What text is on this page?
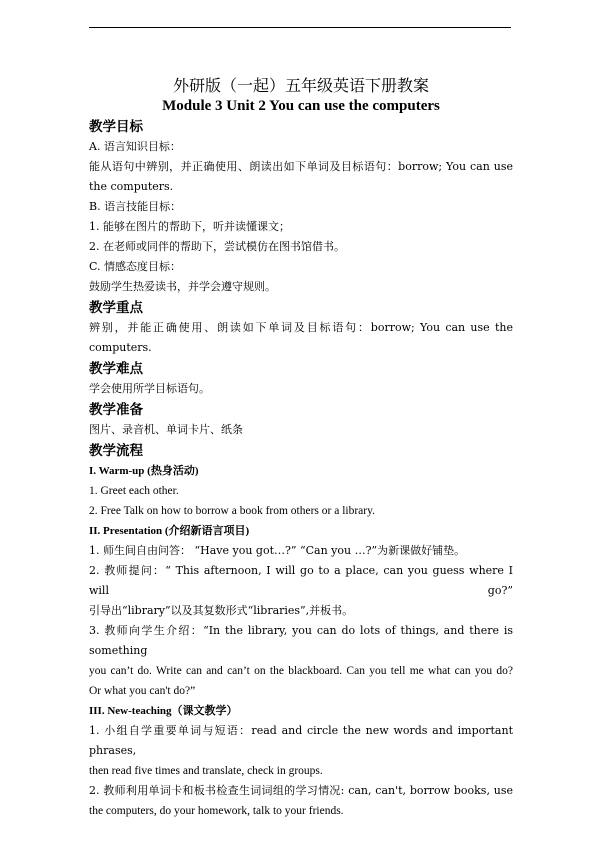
外研版（一起）五年级英语下册教案
Module 3 Unit 2 You can use the computers
教学目标
A. 语言知识目标：
能从语句中辨别，并正确使用、朗读出如下单词及目标语句：borrow; You can use
the computers.
B. 语言技能目标：
1. 能够在图片的帮助下，听并读懂课文；
2. 在老师或同伴的帮助下，尝试模仿在图书馆借书。
C. 情感态度目标：
鼓励学生热爱读书，并学会遵守规则。
教学重点
辨别，并能正确使用、朗读如下单词及目标语句：borrow; You can use the
computers.
教学难点
学会使用所学目标语句。
教学准备
图片、录音机、单词卡片、纸条
教学流程
I. Warm-up (热身活动)
1. Greet each other.
2. Free Talk on how to borrow a book from others or a library.
II. Presentation (介绍新语言项目)
1. 师生间自由问答： “Have you got…?” “Can you …?”为新课做好铺垫。
2. 教师提问：“ This afternoon, I will go to a place, can you guess where I will go?”
引导出“library”以及其复数形式“libraries”,并板书。
3. 教师向学生介绍：“In the library, you can do lots of things, and there is something
you can’t do. Write can and can’t on the blackboard. Can you tell me what can you do?
Or what you can't do?”
III. New-teaching（课文教学）
1. 小组自学重要单词与短语：read and circle the new words and important phrases,
then read five times and translate, check in groups.
2. 教师利用单词卡和板书检查生词词组的学习情况: can, can't, borrow books, use
the computers, do your homework, talk to your friends.
